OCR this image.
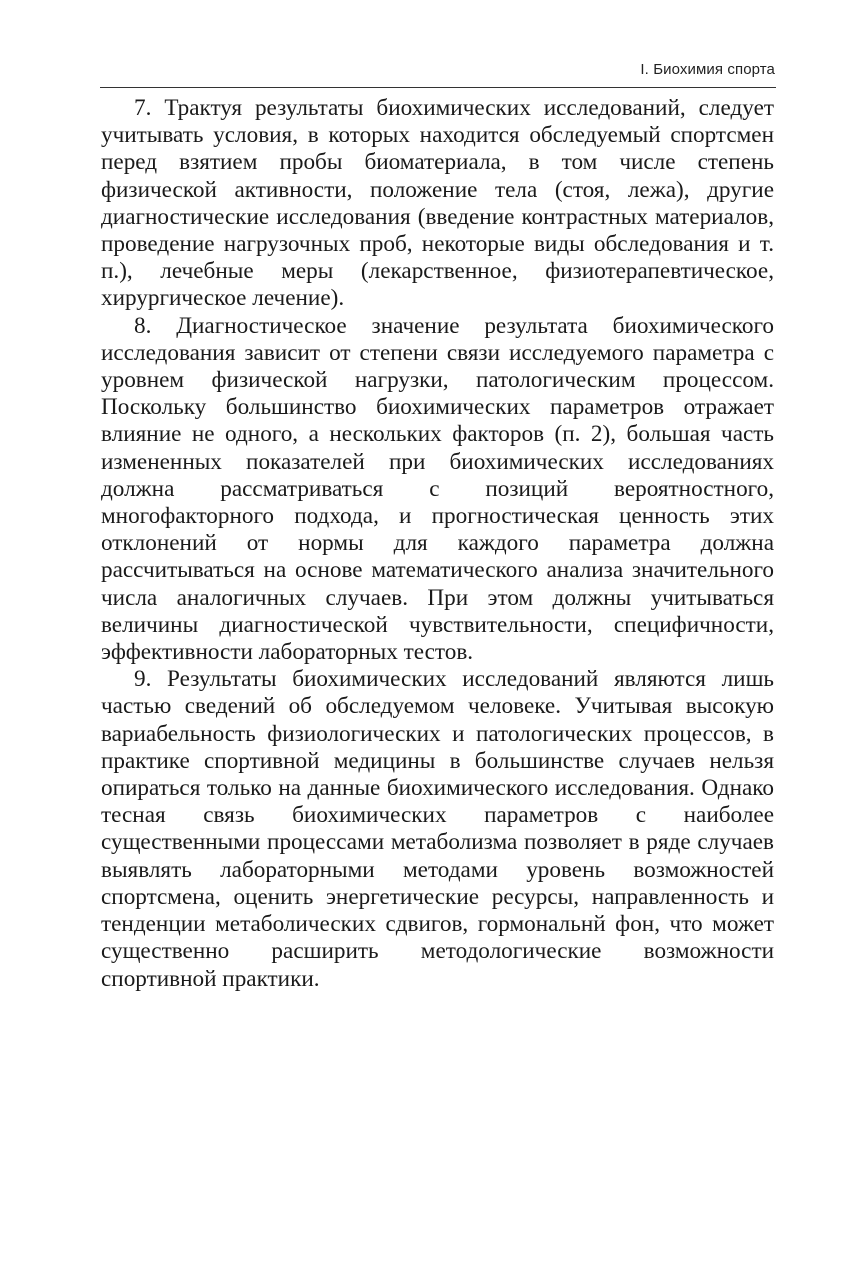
I. Биохимия спорта

7. Трактуя результаты биохимических исследований, следует учитывать условия, в которых находится обследуемый спортсмен перед взятием пробы биоматериала, в том числе степень физической активности, положение тела (стоя, лежа), другие диагностические исследования (введение контрастных материалов, проведение нагрузочных проб, некоторые виды обследования и т. п.), лечебные меры (лекарственное, физиотерапевтическое, хирургическое лечение).

8. Диагностическое значение результата биохимического исследования зависит от степени связи исследуемого параметра с уровнем физической нагрузки, патологическим процессом. Поскольку большинство биохимических параметров отражает влияние не одного, а нескольких факторов (п. 2), большая часть измененных показателей при биохимических исследованиях должна рассматриваться с позиций вероятностного, многофакторного подхода, и прогностическая ценность этих отклонений от нормы для каждого параметра должна рассчитываться на основе математического анализа значительного числа аналогичных случаев. При этом должны учитываться величины диагностической чувствительности, специфичности, эффективности лабораторных тестов.

9. Результаты биохимических исследований являются лишь частью сведений об обследуемом человеке. Учитывая высокую вариабельность физиологических и патологических процессов, в практике спортивной медицины в большинстве случаев нельзя опираться только на данные биохимического исследования. Однако тесная связь биохимических параметров с наиболее существенными процессами метаболизма позволяет в ряде случаев выявлять лабораторными методами уровень возможностей спортсмена, оценить энергетические ресурсы, направленность и тенденции метаболических сдвигов, гормональнй фон, что может существенно расширить методологические возможности спортивной практики.
